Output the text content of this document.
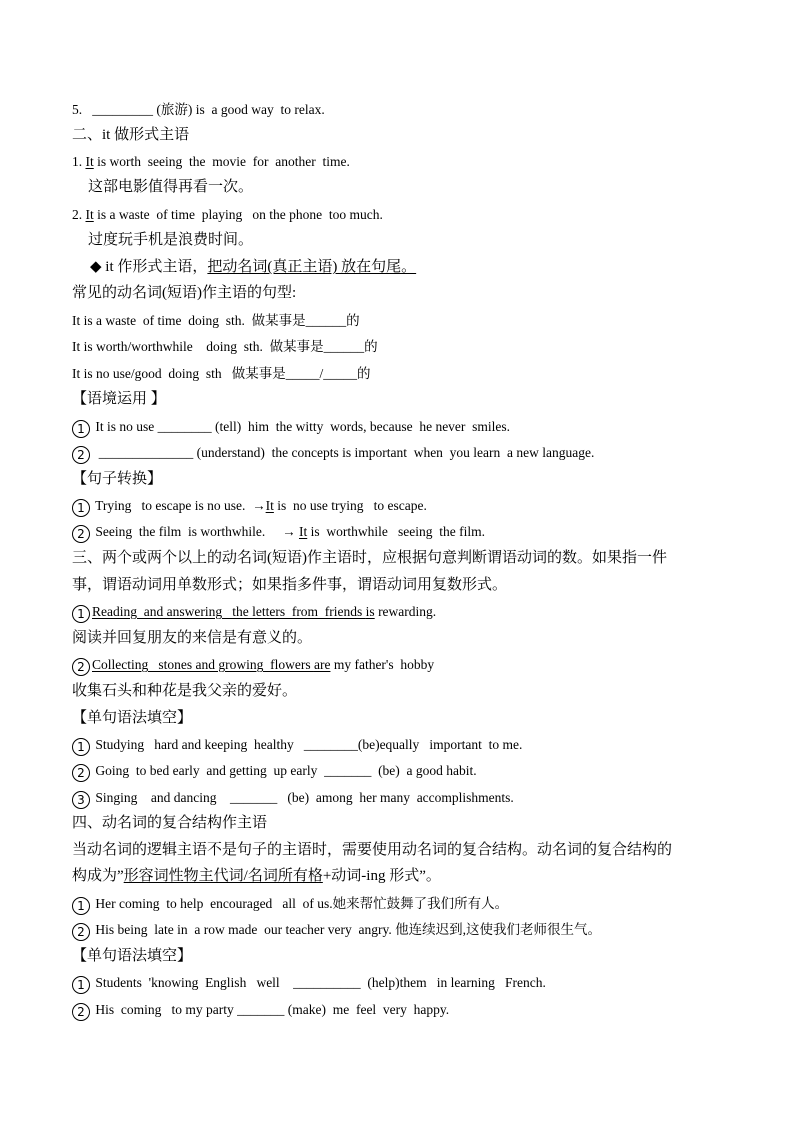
5.   _________ (旅游) is  a good way  to relax.
二、it 做形式主语
1. It is worth  seeing  the  movie  for  another  time.
这部电影值得再看一次。
2. It is a waste  of time  playing   on the phone  too much.
过度玩手机是浪费时间。
◆ it 作形式主语，把动名词(真正主语) 放在句尾。
常见的动名词(短语)作主语的句型:
It is a waste  of time  doing  sth.  做某事是______的
It is worth/worthwhile    doing  sth.  做某事是______的
It is no use/good  doing  sth   做某事是_____/_____的
【语境运用 】
1 It is no use ________ (tell)  him  the witty  words, because  he never  smiles.
2  ______________ (understand)  the concepts is important  when  you learn  a new language.
【句子转换】
1 Trying   to escape is no use.  →It is  no use trying   to escape.
2 Seeing  the film  is worthwhile.     → It is  worthwhile   seeing  the film.
三、两个或两个以上的动名词(短语)作主语时，应根据句意判断谓语动词的数。如果指一件
事，谓语动词用单数形式；如果指多件事，谓语动词用复数形式。
1 Reading  and answering   the letters  from  friends is rewarding.
阅读并回复朋友的来信是有意义的。
2 Collecting   stones and growing  flowers are my father's  hobby
收集石头和种花是我父亲的爱好。
【单句语法填空】
1 Studying   hard and keeping  healthy   ________(be)equally   important  to me.
2 Going  to bed early  and getting  up early  _______  (be)  a good habit.
3 Singing    and dancing    _______   (be)  among  her many  accomplishments.
四、动名词的复合结构作主语
当动名词的逻辑主语不是句子的主语时，需要使用动名词的复合结构。动名词的复合结构的
构成为”形容词性物主代词/名词所有格+动词-ing 形式”。
1 Her coming  to help  encouraged   all  of us.她来帮忙鼓舞了我们所有人。
2 His being  late in  a row made  our teacher very  angry. 他连续迟到,这使我们老师很生气。
【单句语法填空】
1 Students  'knowing  English   well    __________  (help)them   in learning   French.
2 His  coming   to my party _______ (make)  me  feel  very  happy.
